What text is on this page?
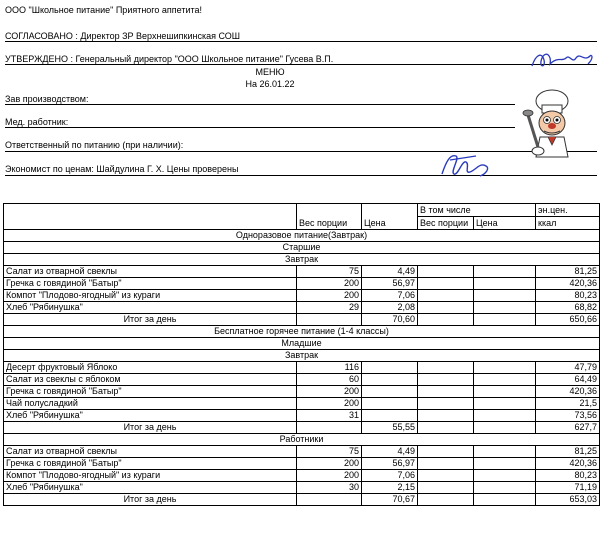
ООО "Школьное питание" Приятного аппетита!
СОГЛАСОВАНО : Директор ЗР Верхнешипкинская СОШ
УТВЕРЖДЕНО : Генеральный директор "ООО Школьное питание" Гусева В.П.
МЕНЮ
На 26.01.22
Зав производством:
Мед. работник:
Ответственный по питанию (при наличии):
Экономист по ценам: Шайдулина Г. Х. Цены проверены
	Вес порции	Цена	В том числе		эн.цен.
			Вес порции	Цена	ккал
Одноразовое питание(Завтрак)					
Старшие					
Завтрак					
Салат из отварной свеклы	75	4,49			81,25
Гречка с говядиной "Батыр"	200	56,97			420,36
Компот "Плодово-ягодный" из кураги	200	7,06			80,23
Хлеб "Рябинушка"	29	2,08			68,82
Итог за день		70,60			650,66
Бесплатное горячее питание (1-4 классы)					
Младшие					
Завтрак					
Десерт фруктовый Яблоко	116				47,79
Салат из свеклы с яблоком	60				64,49
Гречка с говядиной "Батыр"	200				420,36
Чай полусладкий	200				21,5
Хлеб "Рябинушка"	31				73,56
Итог за день		55,55			627,7
Работники					
Салат из отварной свеклы	75	4,49			81,25
Гречка с говядиной "Батыр"	200	56,97			420,36
Компот "Плодово-ягодный" из кураги	200	7,06			80,23
Хлеб "Рябинушка"	30	2,15			71,19
Итог за день		70,67			653,03
